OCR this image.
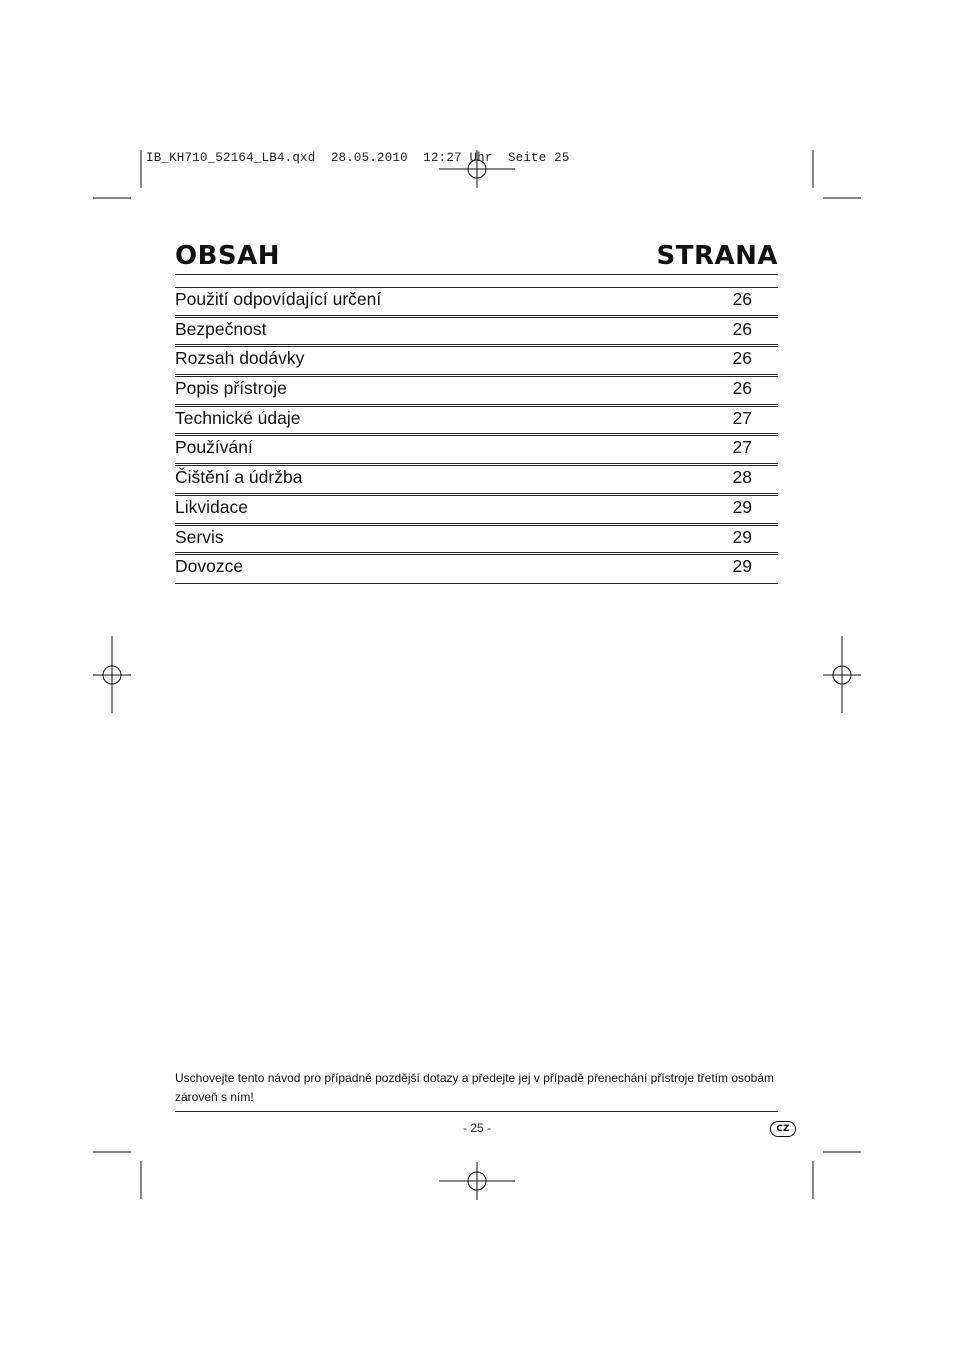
IB_KH710_52164_LB4.qxd  28.05.2010  12:27 Uhr  Seite 25
OBSAH	STRANA
Použití odpovídající určení	26
Bezpečnost	26
Rozsah dodávky	26
Popis přístroje	26
Technické údaje	27
Používání	27
Čištění a údržba	28
Likvidace	29
Servis	29
Dovozce	29
Uschovejte tento návod pro případné pozdější dotazy a předejte jej v případě přenechání přístroje třetím osobám zároveň s ním!
- 25 -	CZ
